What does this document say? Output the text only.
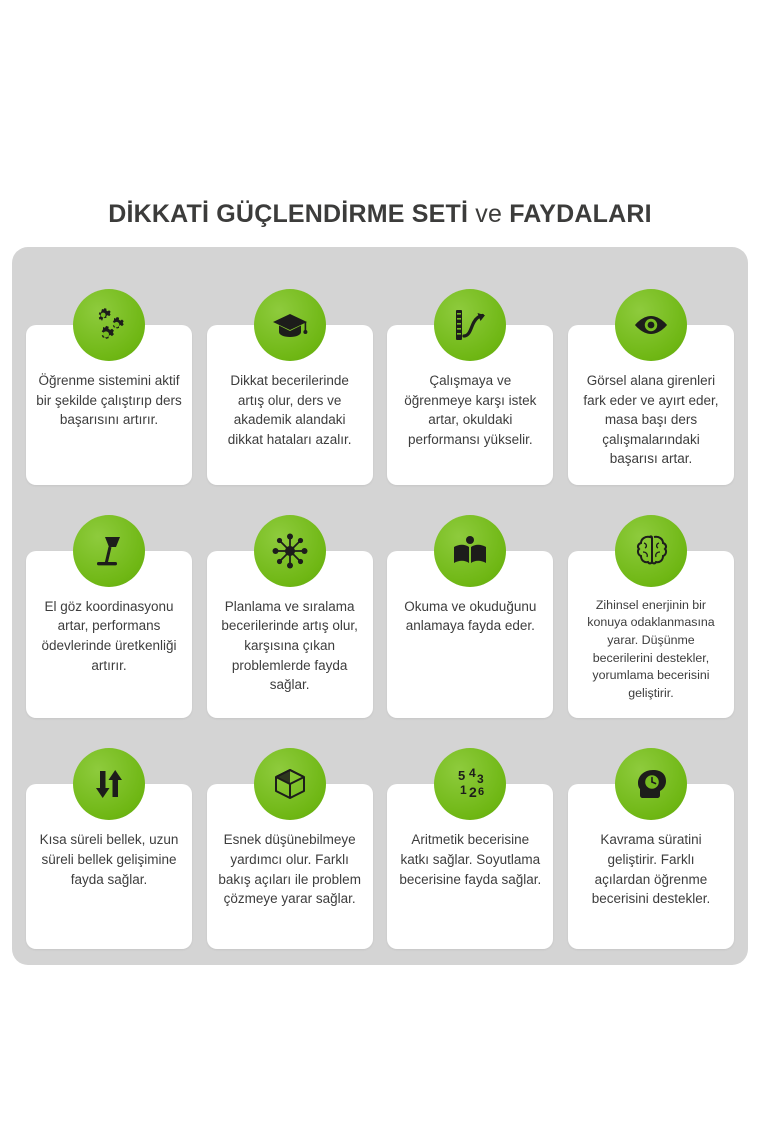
DİKKATİ GÜÇLENDİRME SETİ ve FAYDALARI
Öğrenme sistemini aktif bir şekilde çalıştırıp ders başarısını artırır.
Dikkat becerilerinde artış olur, ders ve akademik alandaki dikkat hataları azalır.
Çalışmaya ve öğrenmeye karşı istek artar, okuldaki performansı yükselir.
Görsel alana girenleri fark eder ve ayırt eder, masa başı ders çalışmalarındaki başarısı artar.
El göz koordinasyonu artar, performans ödevlerinde üretkenliği artırır.
Planlama ve sıralama becerilerinde artış olur, karşısına çıkan problemlerde fayda sağlar.
Okuma ve okuduğunu anlamaya fayda eder.
Zihinsel enerjinin bir konuya odaklanmasına yarar. Düşünme becerilerini destekler, yorumlama becerisini geliştirir.
Kısa süreli bellek, uzun süreli bellek gelişimine fayda sağlar.
Esnek düşünebilmeye yardımcı olur. Farklı bakış açıları ile problem çözmeye yarar sağlar.
5 4 3
1 2 6
Aritmetik becerisine katkı sağlar. Soyutlama becerisine fayda sağlar.
Kavrama süratini geliştirir. Farklı açılardan öğrenme becerisini destekler.
